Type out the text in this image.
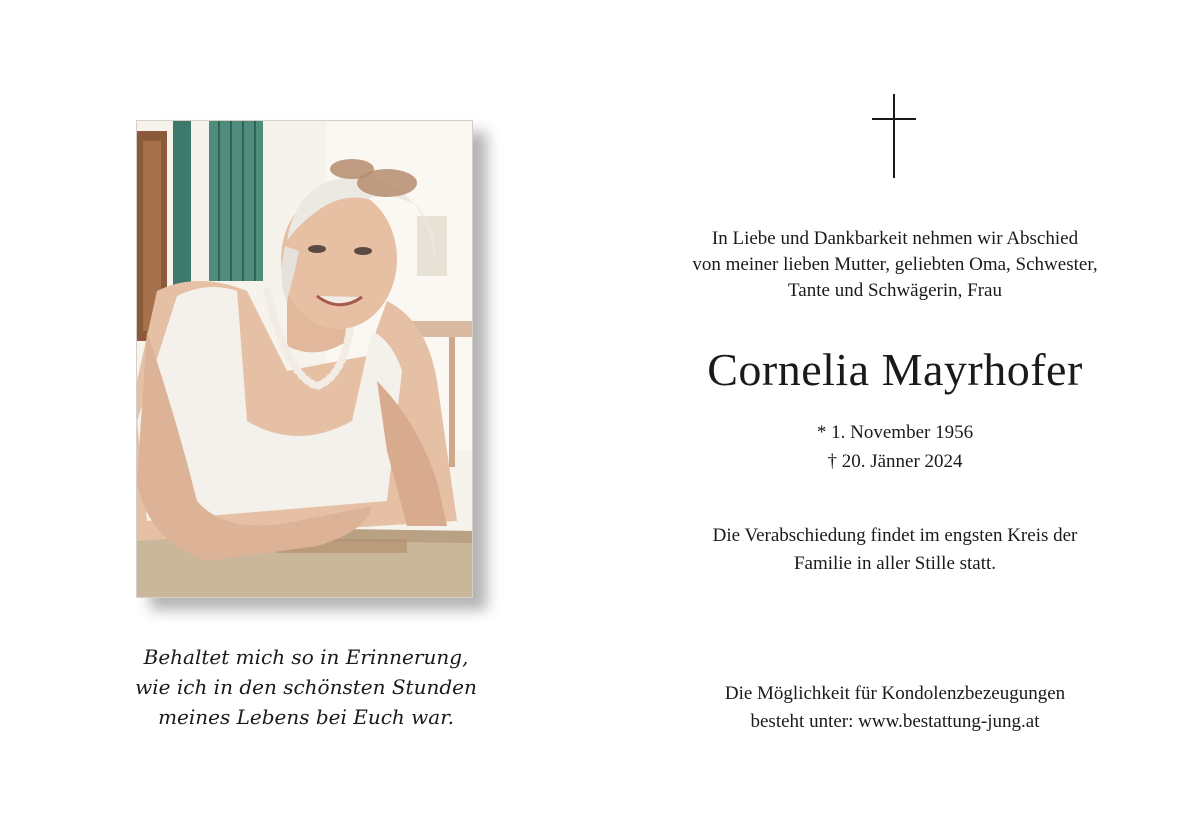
Behaltet mich so in Erinnerung,
wie ich in den schönsten Stunden
meines Lebens bei Euch war.
In Liebe und Dankbarkeit nehmen wir Abschied
von meiner lieben Mutter, geliebten Oma, Schwester,
Tante und Schwägerin, Frau
Cornelia Mayrhofer
* 1. November 1956
† 20. Jänner 2024
Die Verabschiedung findet im engsten Kreis der
Familie in aller Stille statt.
Die Möglichkeit für Kondolenzbezeugungen
besteht unter: www.bestattung-jung.at
